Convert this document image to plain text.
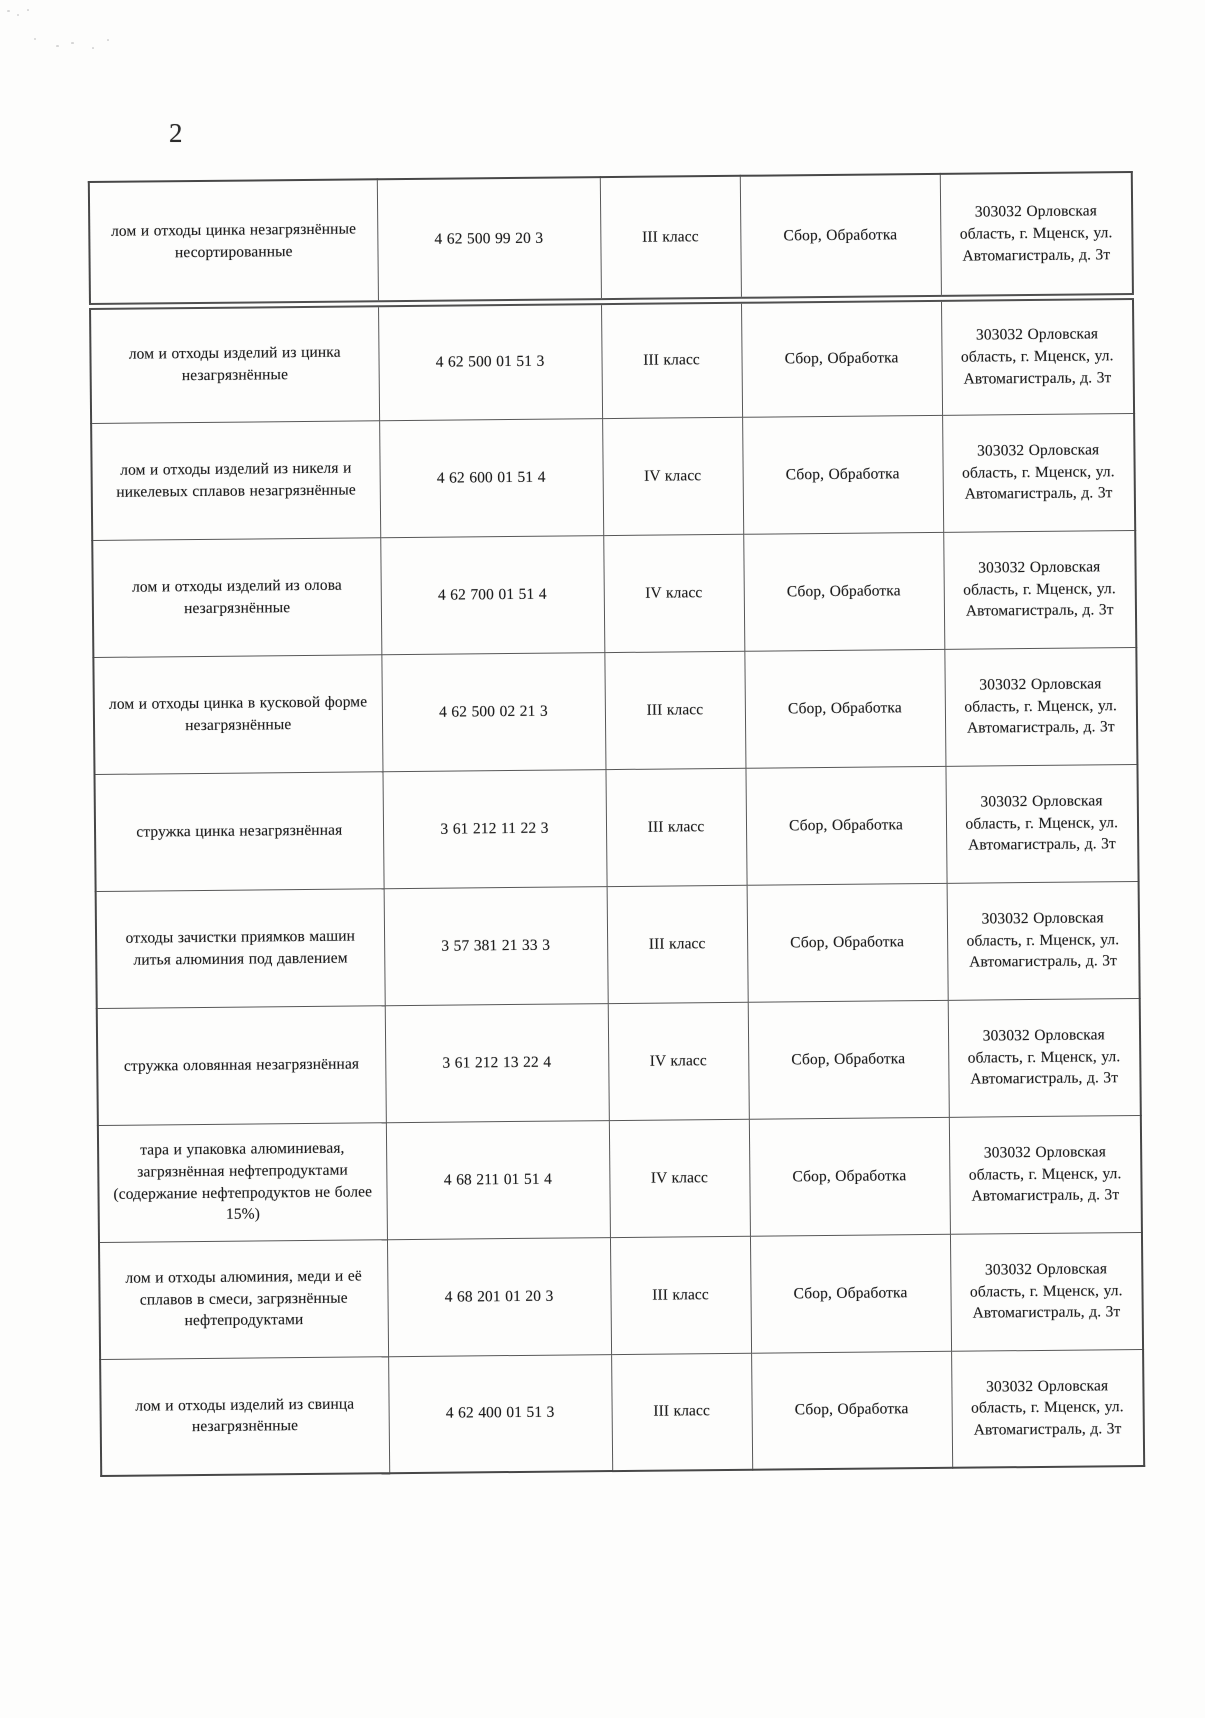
2
лом и отходы цинка незагрязнённые несортированные	4 62 500 99 20 3	III класс	Сбор, Обработка	303032 Орловская область, г. Мценск, ул. Автомагистраль, д. 3т
лом и отходы изделий из цинка незагрязнённые	4 62 500 01 51 3	III класс	Сбор, Обработка	303032 Орловская область, г. Мценск, ул. Автомагистраль, д. 3т
лом и отходы изделий из никеля и никелевых сплавов незагрязнённые	4 62 600 01 51 4	IV класс	Сбор, Обработка	303032 Орловская область, г. Мценск, ул. Автомагистраль, д. 3т
лом и отходы изделий из олова незагрязнённые	4 62 700 01 51 4	IV класс	Сбор, Обработка	303032 Орловская область, г. Мценск, ул. Автомагистраль, д. 3т
лом и отходы цинка в кусковой форме незагрязнённые	4 62 500 02 21 3	III класс	Сбор, Обработка	303032 Орловская область, г. Мценск, ул. Автомагистраль, д. 3т
стружка цинка незагрязнённая	3 61 212 11 22 3	III класс	Сбор, Обработка	303032 Орловская область, г. Мценск, ул. Автомагистраль, д. 3т
отходы зачистки приямков машин литья алюминия под давлением	3 57 381 21 33 3	III класс	Сбор, Обработка	303032 Орловская область, г. Мценск, ул. Автомагистраль, д. 3т
стружка оловянная незагрязнённая	3 61 212 13 22 4	IV класс	Сбор, Обработка	303032 Орловская область, г. Мценск, ул. Автомагистраль, д. 3т
тара и упаковка алюминиевая, загрязнённая нефтепродуктами (содержание нефтепродуктов не более 15%)	4 68 211 01 51 4	IV класс	Сбор, Обработка	303032 Орловская область, г. Мценск, ул. Автомагистраль, д. 3т
лом и отходы алюминия, меди и её сплавов в смеси, загрязнённые нефтепродуктами	4 68 201 01 20 3	III класс	Сбор, Обработка	303032 Орловская область, г. Мценск, ул. Автомагистраль, д. 3т
лом и отходы изделий из свинца незагрязнённые	4 62 400 01 51 3	III класс	Сбор, Обработка	303032 Орловская область, г. Мценск, ул. Автомагистраль, д. 3т
